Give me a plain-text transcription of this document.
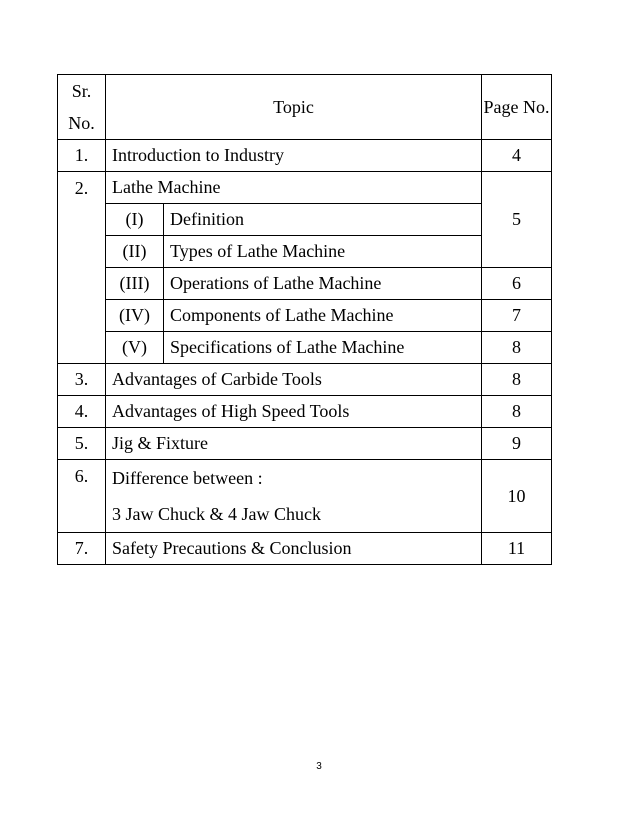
Sr.
No.	Topic		Page No.
1.	Introduction to Industry		4
2.	Lathe Machine		5
	(I)	Definition	
	(II)	Types of Lathe Machine	
	(III)	Operations of Lathe Machine	6
	(IV)	Components of Lathe Machine	7
	(V)	Specifications of Lathe Machine	8
3.	Advantages of Carbide Tools		8
4.	Advantages of High Speed Tools		8
5.	Jig & Fixture		9
6.	Difference between :
3 Jaw Chuck & 4 Jaw Chuck		10
7.	Safety Precautions & Conclusion		11
3
